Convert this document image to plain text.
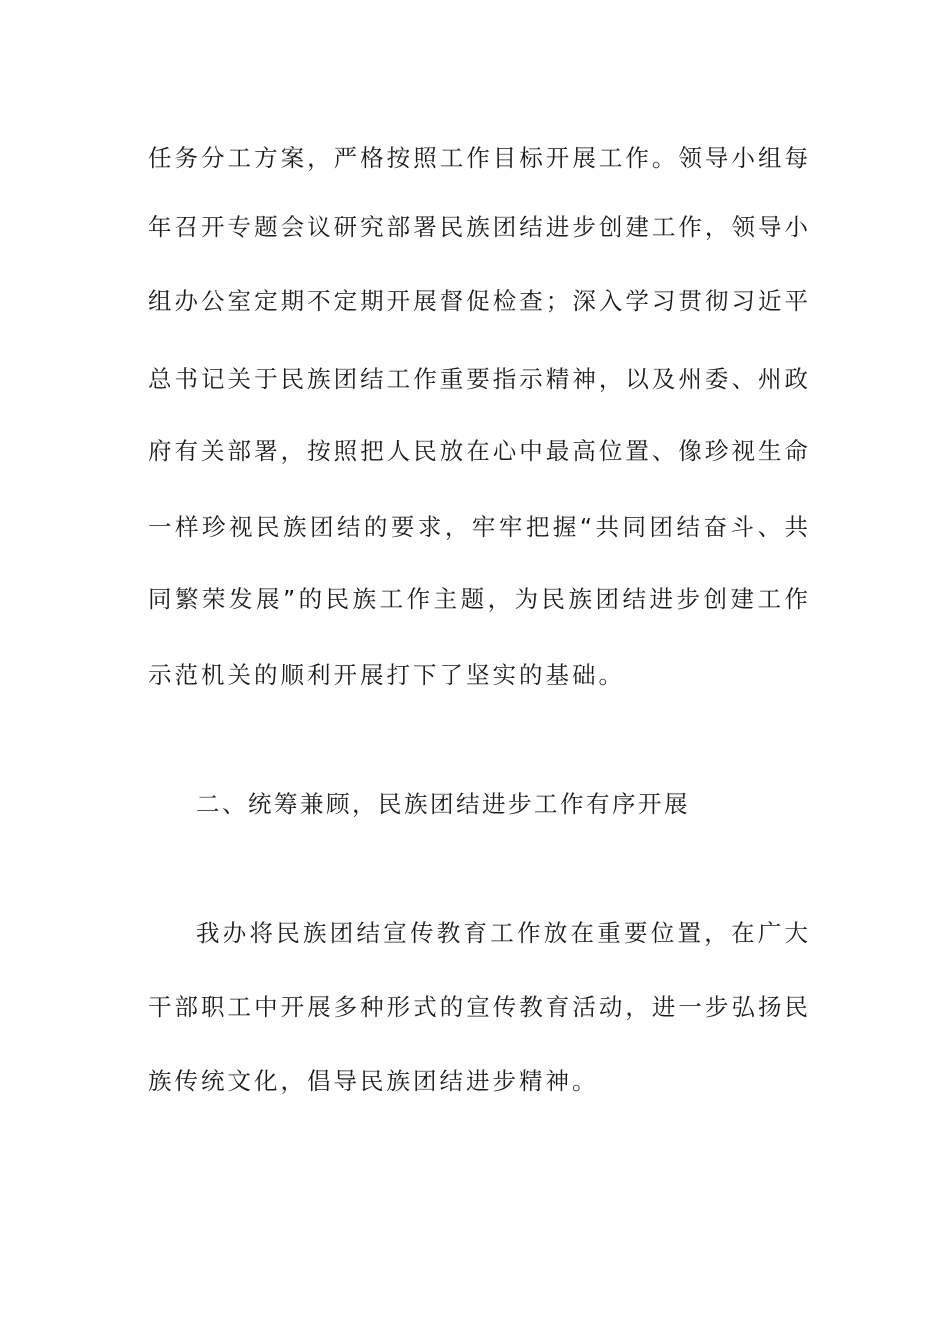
任务分工方案，严格按照工作目标开展工作。领导小组每
年召开专题会议研究部署民族团结进步创建工作，领导小
组办公室定期不定期开展督促检查；深入学习贯彻习近平
总书记关于民族团结工作重要指示精神，以及州委、州政
府有关部署，按照把人民放在心中最高位置、像珍视生命
一样珍视民族团结的要求，牢牢把握“共同团结奋斗、共
同繁荣发展”的民族工作主题，为民族团结进步创建工作
示范机关的顺利开展打下了坚实的基础。
二、统筹兼顾，民族团结进步工作有序开展
我办将民族团结宣传教育工作放在重要位置，在广大
干部职工中开展多种形式的宣传教育活动，进一步弘扬民
族传统文化，倡导民族团结进步精神。
